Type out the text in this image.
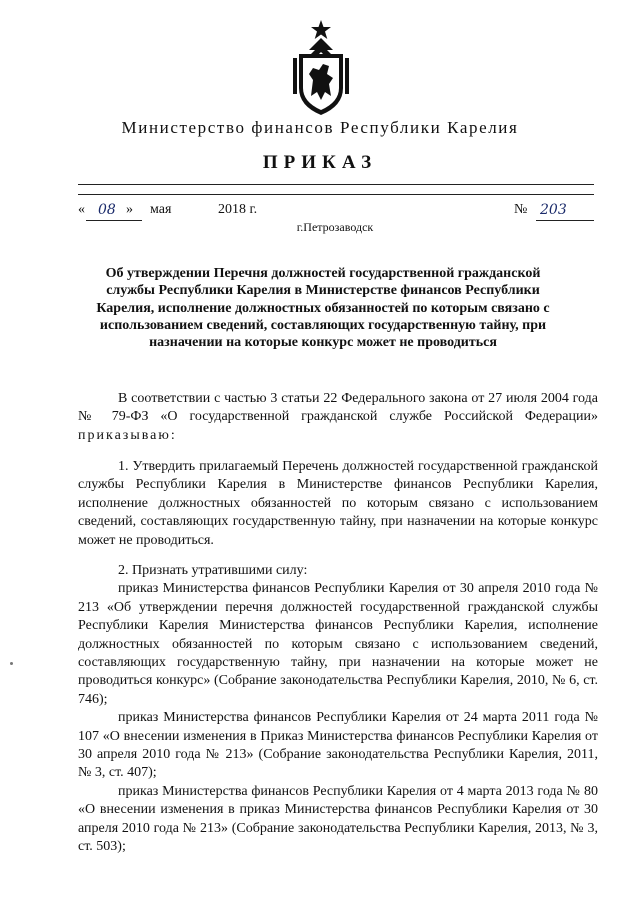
Министерство финансов Республики Карелия
ПРИКАЗ
« 08 » мая	2018 г.	№ 203
г.Петрозаводск
Об утверждении Перечня должностей государственной гражданской службы Республики Карелия в Министерстве финансов Республики Карелия, исполнение должностных обязанностей по которым связано с использованием сведений, составляющих государственную тайну, при назначении на которые конкурс может не проводиться

В соответствии с частью 3 статьи 22 Федерального закона от 27 июля 2004 года № 79-ФЗ «О государственной гражданской службе Российской Федерации» приказываю:

1. Утвердить прилагаемый Перечень должностей государственной гражданской службы Республики Карелия в Министерстве финансов Республики Карелия, исполнение должностных обязанностей по которым связано с использованием сведений, составляющих государственную тайну, при назначении на которые конкурс может не проводиться.

2. Признать утратившими силу:

приказ Министерства финансов Республики Карелия от 30 апреля 2010 года № 213 «Об утверждении перечня должностей государственной гражданской службы Республики Карелия Министерства финансов Республики Карелия, исполнение должностных обязанностей по которым связано с использованием сведений, составляющих государственную тайну, при назначении на которые может не проводиться конкурс» (Собрание законодательства Республики Карелия, 2010, № 6, ст. 746);

приказ Министерства финансов Республики Карелия от 24 марта 2011 года № 107 «О внесении изменения в Приказ Министерства финансов Республики Карелия от 30 апреля 2010 года № 213» (Собрание законодательства Республики Карелия, 2011, № 3, ст. 407);

приказ Министерства финансов Республики Карелия от 4 марта 2013 года № 80 «О внесении изменения в приказ Министерства финансов Республики Карелия от 30 апреля 2010 года № 213» (Собрание законодательства Республики Карелия, 2013, № 3, ст. 503);
